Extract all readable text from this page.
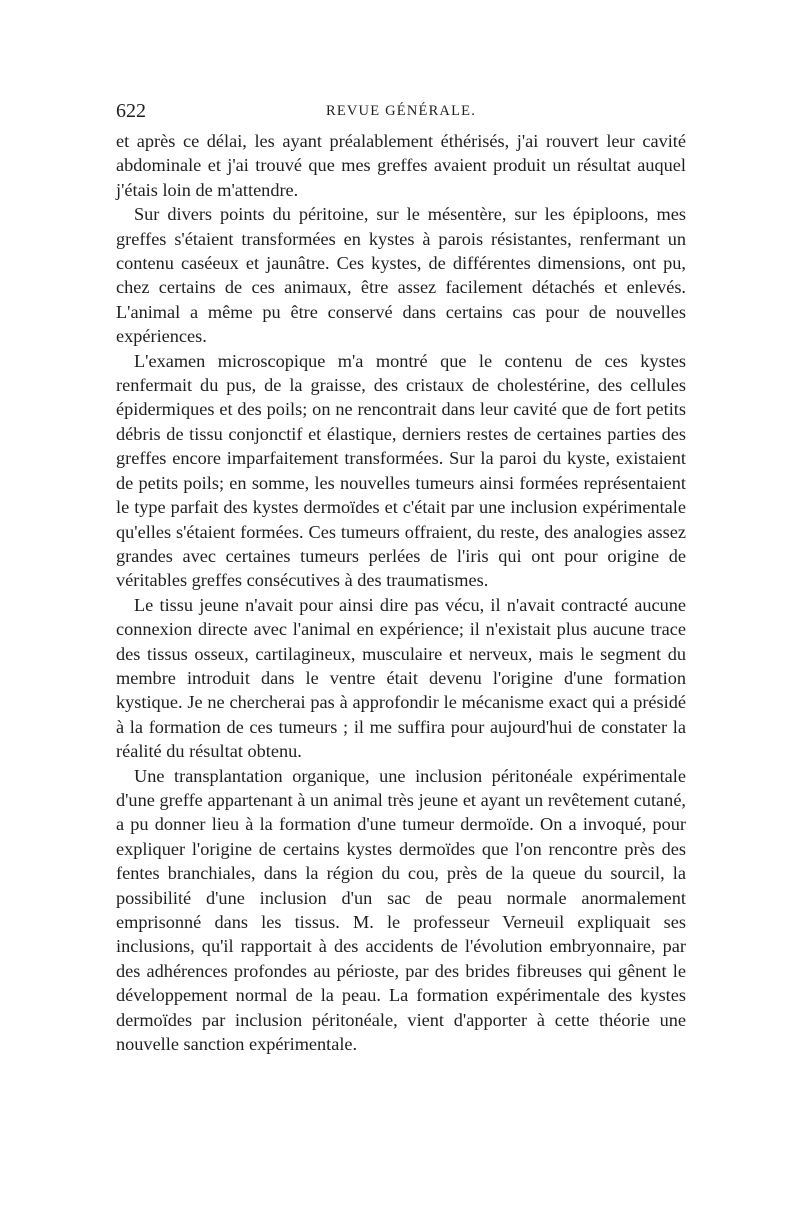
622	REVUE GÉNÉRALE.

et après ce délai, les ayant préalablement éthérisés, j'ai rouvert leur cavité abdominale et j'ai trouvé que mes greffes avaient produit un résultat auquel j'étais loin de m'attendre.

Sur divers points du péritoine, sur le mésentère, sur les épiploons, mes greffes s'étaient transformées en kystes à parois résistantes, renfermant un contenu caséeux et jaunâtre. Ces kystes, de différentes dimensions, ont pu, chez certains de ces animaux, être assez facilement détachés et enlevés. L'animal a même pu être conservé dans certains cas pour de nouvelles expériences.

L'examen microscopique m'a montré que le contenu de ces kystes renfermait du pus, de la graisse, des cristaux de cholestérine, des cellules épidermiques et des poils; on ne rencontrait dans leur cavité que de fort petits débris de tissu conjonctif et élastique, derniers restes de certaines parties des greffes encore imparfaitement transformées. Sur la paroi du kyste, existaient de petits poils; en somme, les nouvelles tumeurs ainsi formées représentaient le type parfait des kystes dermoïdes et c'était par une inclusion expérimentale qu'elles s'étaient formées. Ces tumeurs offraient, du reste, des analogies assez grandes avec certaines tumeurs perlées de l'iris qui ont pour origine de véritables greffes consécutives à des traumatismes.

Le tissu jeune n'avait pour ainsi dire pas vécu, il n'avait contracté aucune connexion directe avec l'animal en expérience; il n'existait plus aucune trace des tissus osseux, cartilagineux, musculaire et nerveux, mais le segment du membre introduit dans le ventre était devenu l'origine d'une formation kystique. Je ne chercherai pas à approfondir le mécanisme exact qui a présidé à la formation de ces tumeurs ; il me suffira pour aujourd'hui de constater la réalité du résultat obtenu.

Une transplantation organique, une inclusion péritonéale expérimentale d'une greffe appartenant à un animal très jeune et ayant un revêtement cutané, a pu donner lieu à la formation d'une tumeur dermoïde. On a invoqué, pour expliquer l'origine de certains kystes dermoïdes que l'on rencontre près des fentes branchiales, dans la région du cou, près de la queue du sourcil, la possibilité d'une inclusion d'un sac de peau normale anormalement emprisonné dans les tissus. M. le professeur Verneuil expliquait ses inclusions, qu'il rapportait à des accidents de l'évolution embryonnaire, par des adhérences profondes au périoste, par des brides fibreuses qui gênent le développement normal de la peau. La formation expérimentale des kystes dermoïdes par inclusion péritonéale, vient d'apporter à cette théorie une nouvelle sanction expérimentale.
